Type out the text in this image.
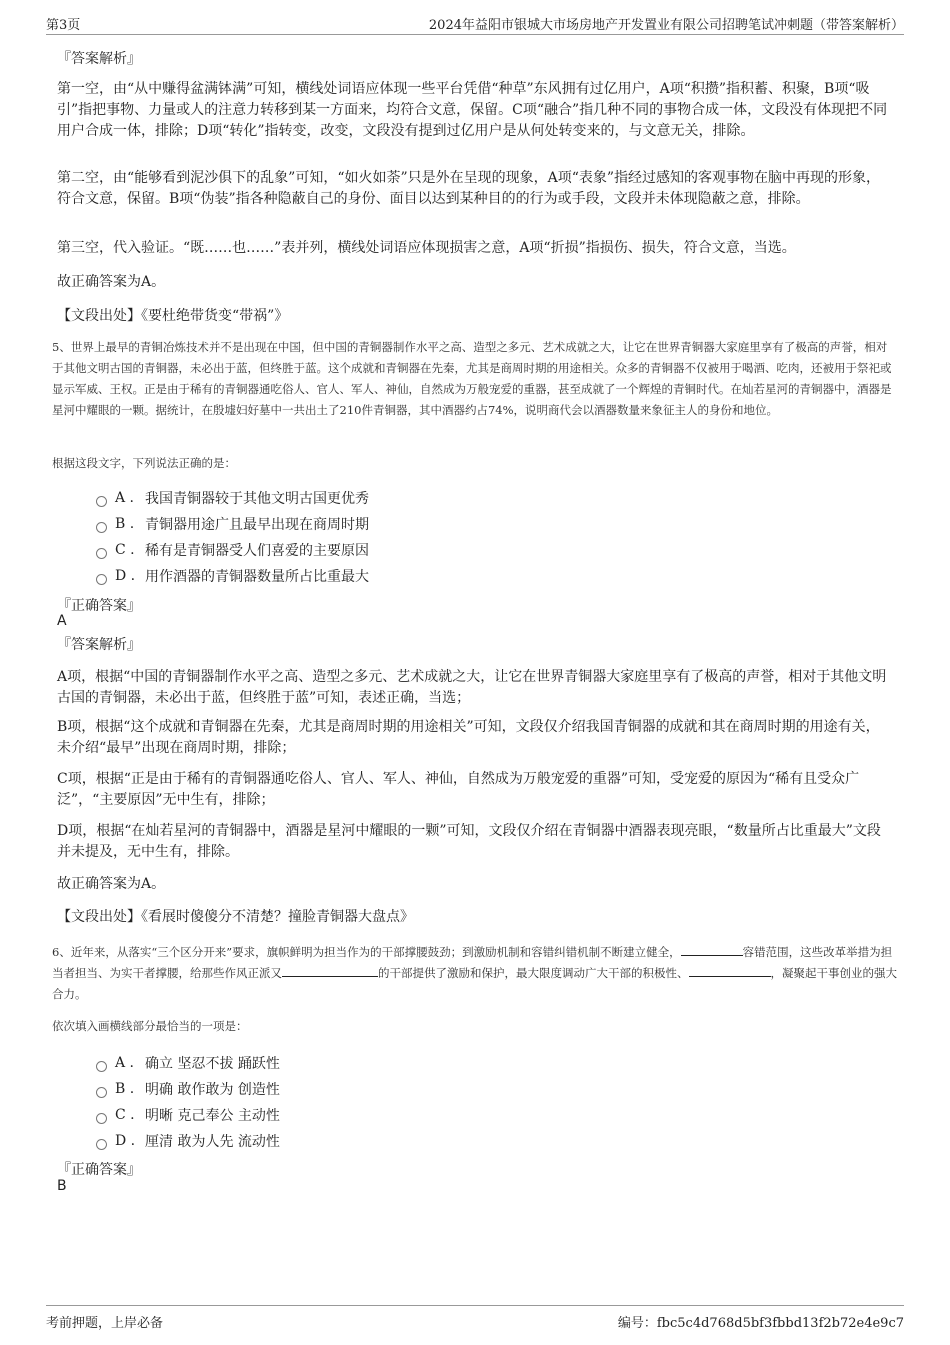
第3页	2024年益阳市银城大市场房地产开发置业有限公司招聘笔试冲刺题（带答案解析）
『答案解析』
第一空，由“从中赚得盆满钵满”可知，横线处词语应体现一些平台凭借“种草”东风拥有过亿用户，A项“积攒”指积蓄、积聚，B项“吸引”指把事物、力量或人的注意力转移到某一方面来，均符合文意，保留。C项“融合”指几种不同的事物合成一体，文段没有体现把不同用户合成一体，排除；D项“转化”指转变，改变，文段没有提到过亿用户是从何处转变来的，与文意无关，排除。
第二空，由“能够看到泥沙俱下的乱象”可知，“如火如荼”只是外在呈现的现象，A项“表象”指经过感知的客观事物在脑中再现的形象，符合文意，保留。B项“伪装”指各种隐蔽自己的身份、面目以达到某种目的的行为或手段，文段并未体现隐蔽之意，排除。
第三空，代入验证。“既……也……”表并列，横线处词语应体现损害之意，A项“折损”指损伤、损失，符合文意，当选。
故正确答案为A。
【文段出处】《要杜绝带货变“带祸”》
5、世界上最早的青铜冶炼技术并不是出现在中国，但中国的青铜器制作水平之高、造型之多元、艺术成就之大，让它在世界青铜器大家庭里享有了极高的声誉，相对于其他文明古国的青铜器，未必出于蓝，但终胜于蓝。这个成就和青铜器在先秦，尤其是商周时期的用途相关。众多的青铜器不仅被用于喝酒、吃肉，还被用于祭祀或显示军威、王权。正是由于稀有的青铜器通吃俗人、官人、军人、神仙，自然成为万般宠爱的重器，甚至成就了一个辉煌的青铜时代。在灿若星河的青铜器中，酒器是星河中耀眼的一颗。据统计，在殷墟妇好墓中一共出土了210件青铜器，其中酒器约占74%，说明商代会以酒器数量来象征主人的身份和地位。
根据这段文字，下列说法正确的是：
A . 我国青铜器较于其他文明古国更优秀
B . 青铜器用途广且最早出现在商周时期
C . 稀有是青铜器受人们喜爱的主要原因
D . 用作酒器的青铜器数量所占比重最大
『正确答案』
A
『答案解析』
A项，根据“中国的青铜器制作水平之高、造型之多元、艺术成就之大，让它在世界青铜器大家庭里享有了极高的声誉，相对于其他文明古国的青铜器，未必出于蓝，但终胜于蓝”可知，表述正确，当选；
B项，根据“这个成就和青铜器在先秦，尤其是商周时期的用途相关”可知，文段仅介绍我国青铜器的成就和其在商周时期的用途有关，未介绍“最早”出现在商周时期，排除；
C项，根据“正是由于稀有的青铜器通吃俗人、官人、军人、神仙，自然成为万般宠爱的重器”可知，受宠爱的原因为“稀有且受众广泛”，“主要原因”无中生有，排除；
D项，根据“在灿若星河的青铜器中，酒器是星河中耀眼的一颗”可知，文段仅介绍在青铜器中酒器表现亮眼，“数量所占比重最大”文段并未提及，无中生有，排除。
故正确答案为A。
【文段出处】《看展时傻傻分不清楚？撞脸青铜器大盘点》
6、近年来，从落实“三个区分开来”要求，旗帜鲜明为担当作为的干部撑腰鼓劲；到激励机制和容错纠错机制不断建立健全，	容错范围，这些改革举措为担当者担当、为实干者撑腰，给那些作风正派又	的干部提供了激励和保护，最大限度调动广大干部的积极性、	，凝聚起干事创业的强大合力。
依次填入画横线部分最恰当的一项是：
A . 确立 坚忍不拔 踊跃性
B . 明确 敢作敢为 创造性
C . 明晰 克己奉公 主动性
D . 厘清 敢为人先 流动性
『正确答案』
B
考前押题，上岸必备	编号：fbc5c4d768d5bf3fbbd13f2b72e4e9c7
